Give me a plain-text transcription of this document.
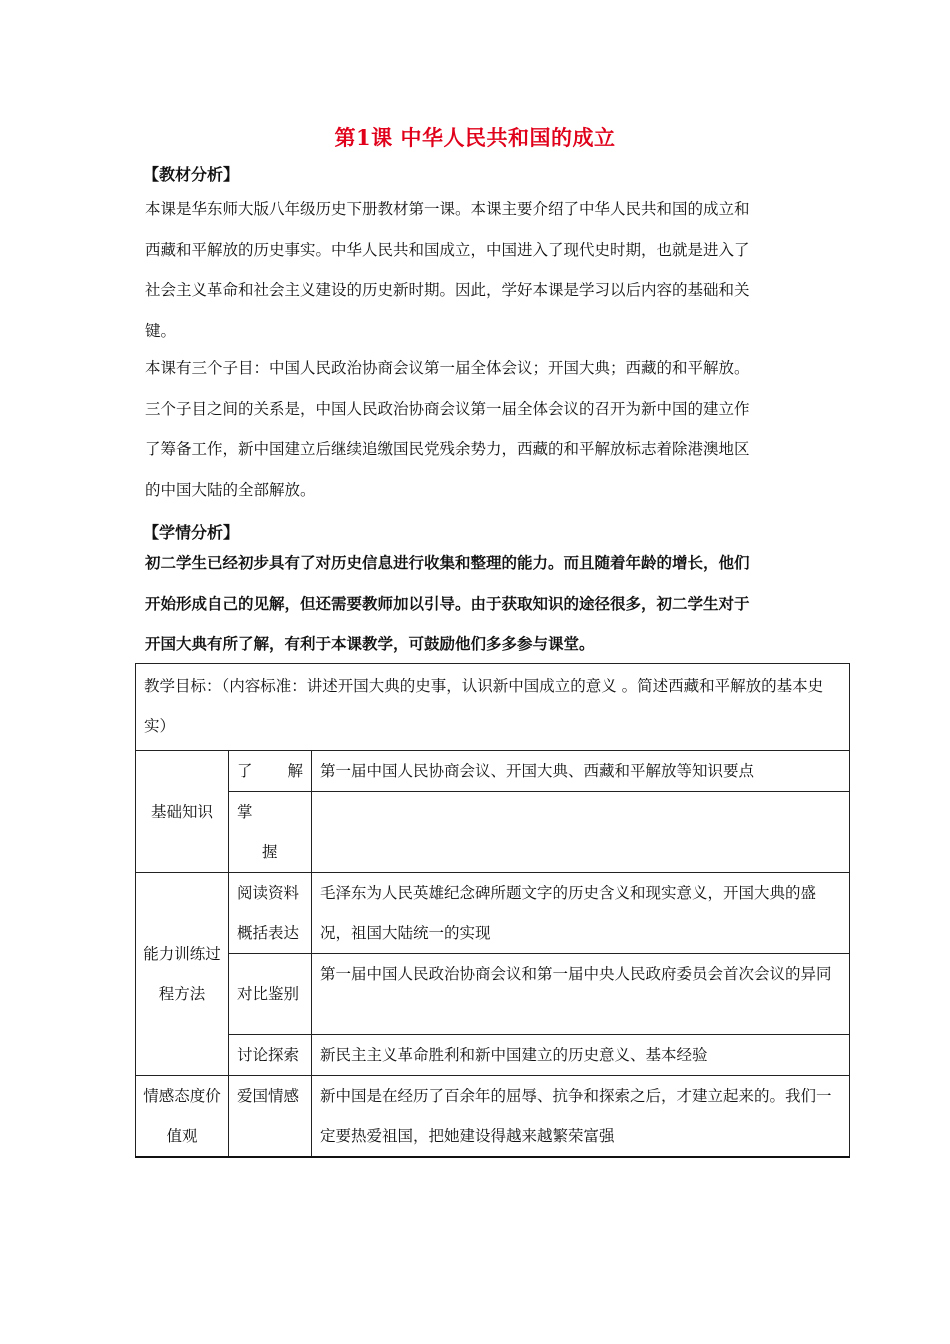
第1课 中华人民共和国的成立
【教材分析】
本课是华东师大版八年级历史下册教材第一课。本课主要介绍了中华人民共和国的成立和
西藏和平解放的历史事实。中华人民共和国成立，中国进入了现代史时期，也就是进入了
社会主义革命和社会主义建设的历史新时期。因此，学好本课是学习以后内容的基础和关
键。
本课有三个子目：中国人民政治协商会议第一届全体会议；开国大典；西藏的和平解放。
三个子目之间的关系是，中国人民政治协商会议第一届全体会议的召开为新中国的建立作
了筹备工作，新中国建立后继续追缴国民党残余势力，西藏的和平解放标志着除港澳地区
的中国大陆的全部解放。
【学情分析】
初二学生已经初步具有了对历史信息进行收集和整理的能力。而且随着年龄的增长，他们
开始形成自己的见解，但还需要教师加以引导。由于获取知识的途径很多，初二学生对于
开国大典有所了解，有利于本课教学，可鼓励他们多多参与课堂。
教学目标：（内容标准：讲述开国大典的史事，认识新中国成立的意义 。简述西藏和平解放的基本史实）		
基础知识	了 解	第一届中国人民协商会议、开国大典、西藏和平解放等知识要点

	掌
握	

能力训练过程方法	阅读资料概括表达	毛泽东为人民英雄纪念碑所题文字的历史含义和现实意义，开国大典的盛况，祖国大陆统一的实现
	对比鉴别	第一届中国人民政治协商会议和第一届中央人民政府委员会首次会议的异同
	讨论探索	新民主主义革命胜利和新中国建立的历史意义、基本经验
情感态度价值观	爱国情感	新中国是在经历了百余年的屈辱、抗争和探索之后，才建立起来的。我们一定要热爱祖国，把她建设得越来越繁荣富强
